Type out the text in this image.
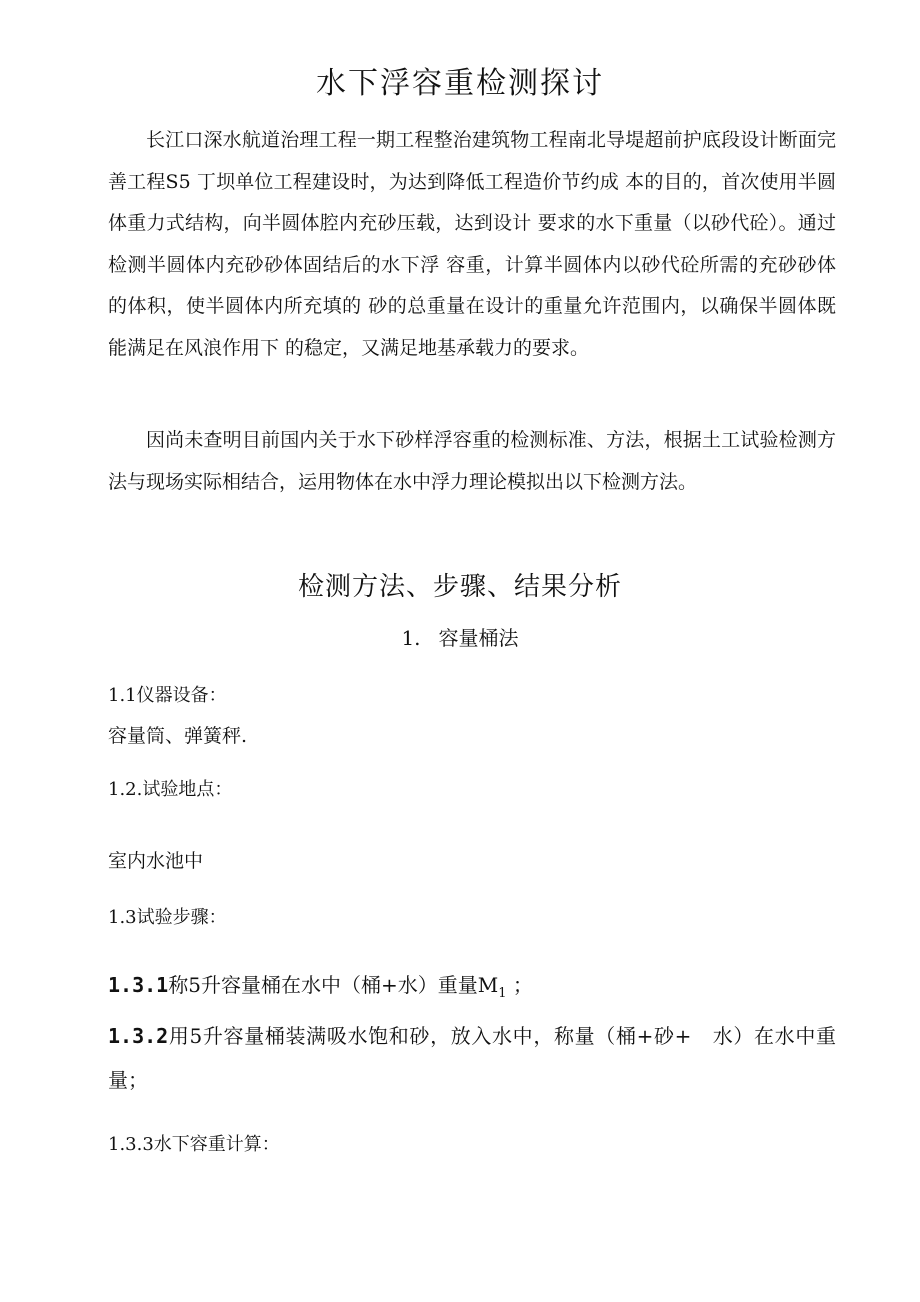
水下浮容重检测探讨

长江口深水航道治理工程一期工程整治建筑物工程南北导堤超前护底段设计断面完善工程S5 丁坝单位工程建设时，为达到降低工程造价节约成 本的目的，首次使用半圆体重力式结构，向半圆体腔内充砂压载，达到设计 要求的水下重量（以砂代砼）。通过检测半圆体内充砂砂体固结后的水下浮 容重，计算半圆体内以砂代砼所需的充砂砂体的体积，使半圆体内所充填的 砂的总重量在设计的重量允许范围内，以确保半圆体既能满足在风浪作用下 的稳定，又满足地基承载力的要求。

因尚未查明目前国内关于水下砂样浮容重的检测标准、方法，根据土工试验检测方法与现场实际相结合，运用物体在水中浮力理论模拟出以下检测方法。

检测方法、步骤、结果分析
1. 容量桶法

1.1仪器设备：

容量筒、弹簧秤.

1.2.试验地点：

室内水池中

1.3试验步骤：

1.3.1称5升容量桶在水中（桶+水）重量$M_1$ ；

1.3.2用5升容量桶装满吸水饱和砂，放入水中，称量（桶+砂+　水）在水中重量；

1.3.3水下容重计算：
